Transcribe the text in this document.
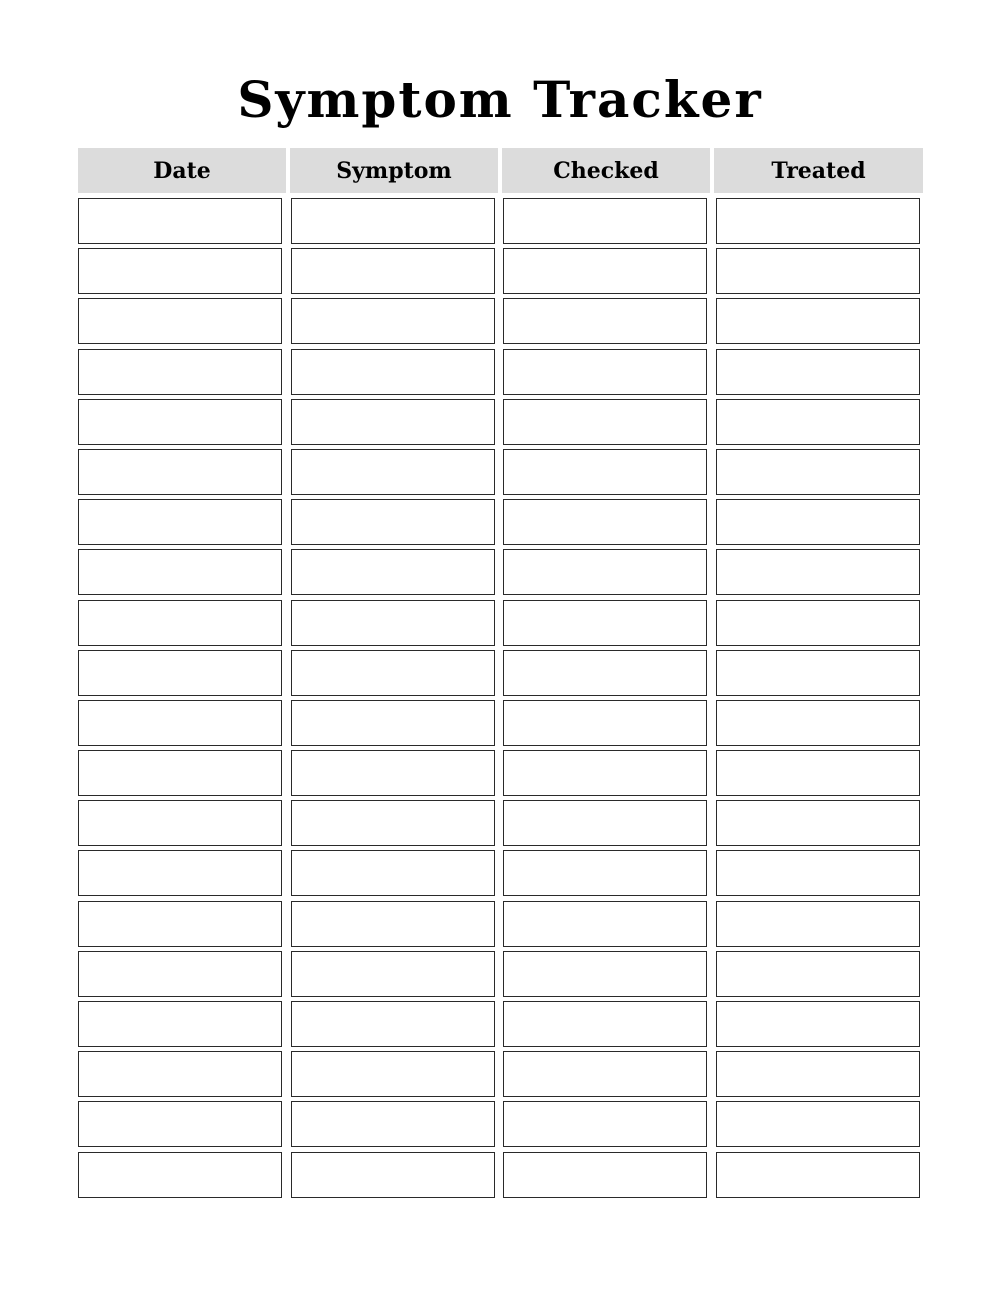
Symptom Tracker
Date	Symptom	Checked	Treated
